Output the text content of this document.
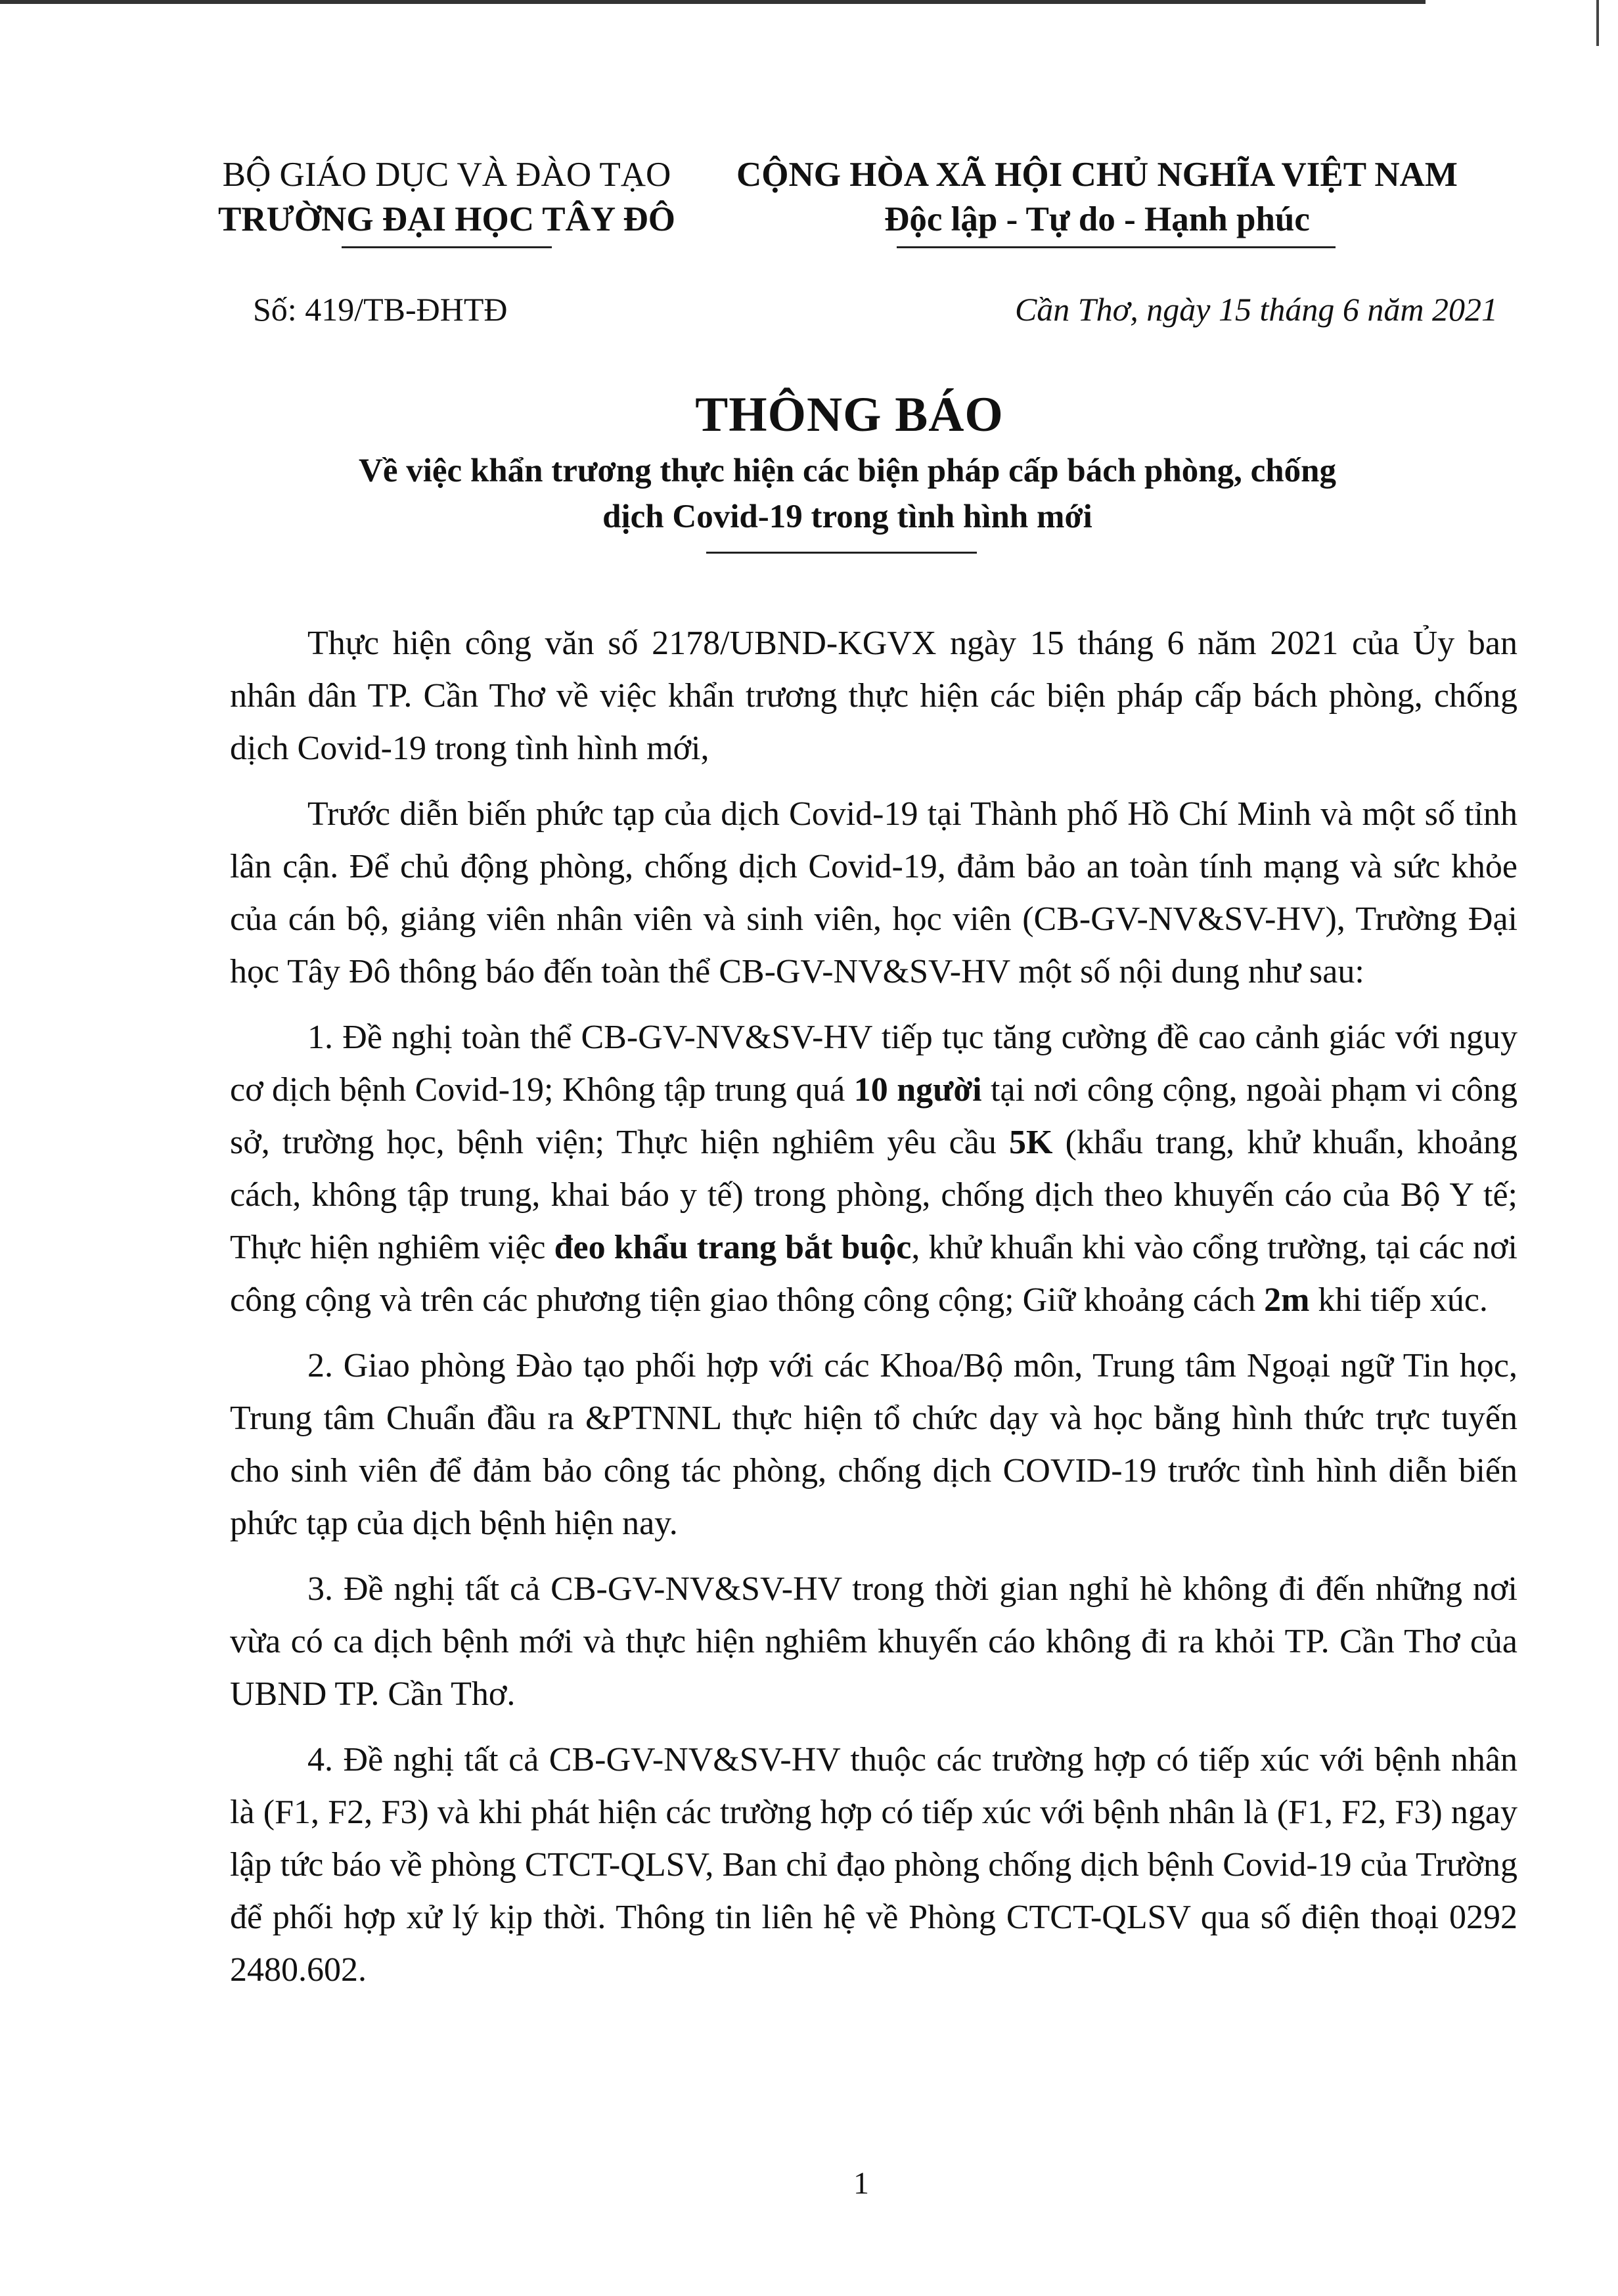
BỘ GIÁO DỤC VÀ ĐÀO TẠO
TRƯỜNG ĐẠI HỌC TÂY ĐÔ
CỘNG HÒA XÃ HỘI CHỦ NGHĨA VIỆT NAM
Độc lập - Tự do - Hạnh phúc
Số: 419/TB-ĐHTĐ	Cần Thơ, ngày 15 tháng 6 năm 2021
THÔNG BÁO
Về việc khẩn trương thực hiện các biện pháp cấp bách phòng, chống
dịch Covid-19 trong tình hình mới

Thực hiện công văn số 2178/UBND-KGVX ngày 15 tháng 6 năm 2021 của Ủy ban nhân dân TP. Cần Thơ về việc khẩn trương thực hiện các biện pháp cấp bách phòng, chống dịch Covid-19 trong tình hình mới,

Trước diễn biến phức tạp của dịch Covid-19 tại Thành phố Hồ Chí Minh và một số tỉnh lân cận. Để chủ động phòng, chống dịch Covid-19, đảm bảo an toàn tính mạng và sức khỏe của cán bộ, giảng viên nhân viên và sinh viên, học viên (CB-GV-NV&SV-HV), Trường Đại học Tây Đô thông báo đến toàn thể CB-GV-NV&SV-HV một số nội dung như sau:

1. Đề nghị toàn thể CB-GV-NV&SV-HV tiếp tục tăng cường đề cao cảnh giác với nguy cơ dịch bệnh Covid-19; Không tập trung quá 10 người tại nơi công cộng, ngoài phạm vi công sở, trường học, bệnh viện; Thực hiện nghiêm yêu cầu 5K (khẩu trang, khử khuẩn, khoảng cách, không tập trung, khai báo y tế) trong phòng, chống dịch theo khuyến cáo của Bộ Y tế; Thực hiện nghiêm việc đeo khẩu trang bắt buộc, khử khuẩn khi vào cổng trường, tại các nơi công cộng và trên các phương tiện giao thông công cộng; Giữ khoảng cách 2m khi tiếp xúc.

2. Giao phòng Đào tạo phối hợp với các Khoa/Bộ môn, Trung tâm Ngoại ngữ Tin học, Trung tâm Chuẩn đầu ra &PTNNL thực hiện tổ chức dạy và học bằng hình thức trực tuyến cho sinh viên để đảm bảo công tác phòng, chống dịch COVID-19 trước tình hình diễn biến phức tạp của dịch bệnh hiện nay.

3. Đề nghị tất cả CB-GV-NV&SV-HV trong thời gian nghỉ hè không đi đến những nơi vừa có ca dịch bệnh mới và thực hiện nghiêm khuyến cáo không đi ra khỏi TP. Cần Thơ của UBND TP. Cần Thơ.

4. Đề nghị tất cả CB-GV-NV&SV-HV thuộc các trường hợp có tiếp xúc với bệnh nhân là (F1, F2, F3) và khi phát hiện các trường hợp có tiếp xúc với bệnh nhân là (F1, F2, F3) ngay lập tức báo về phòng CTCT-QLSV, Ban chỉ đạo phòng chống dịch bệnh Covid-19 của Trường để phối hợp xử lý kịp thời. Thông tin liên hệ về Phòng CTCT-QLSV qua số điện thoại 0292 2480.602.

1
